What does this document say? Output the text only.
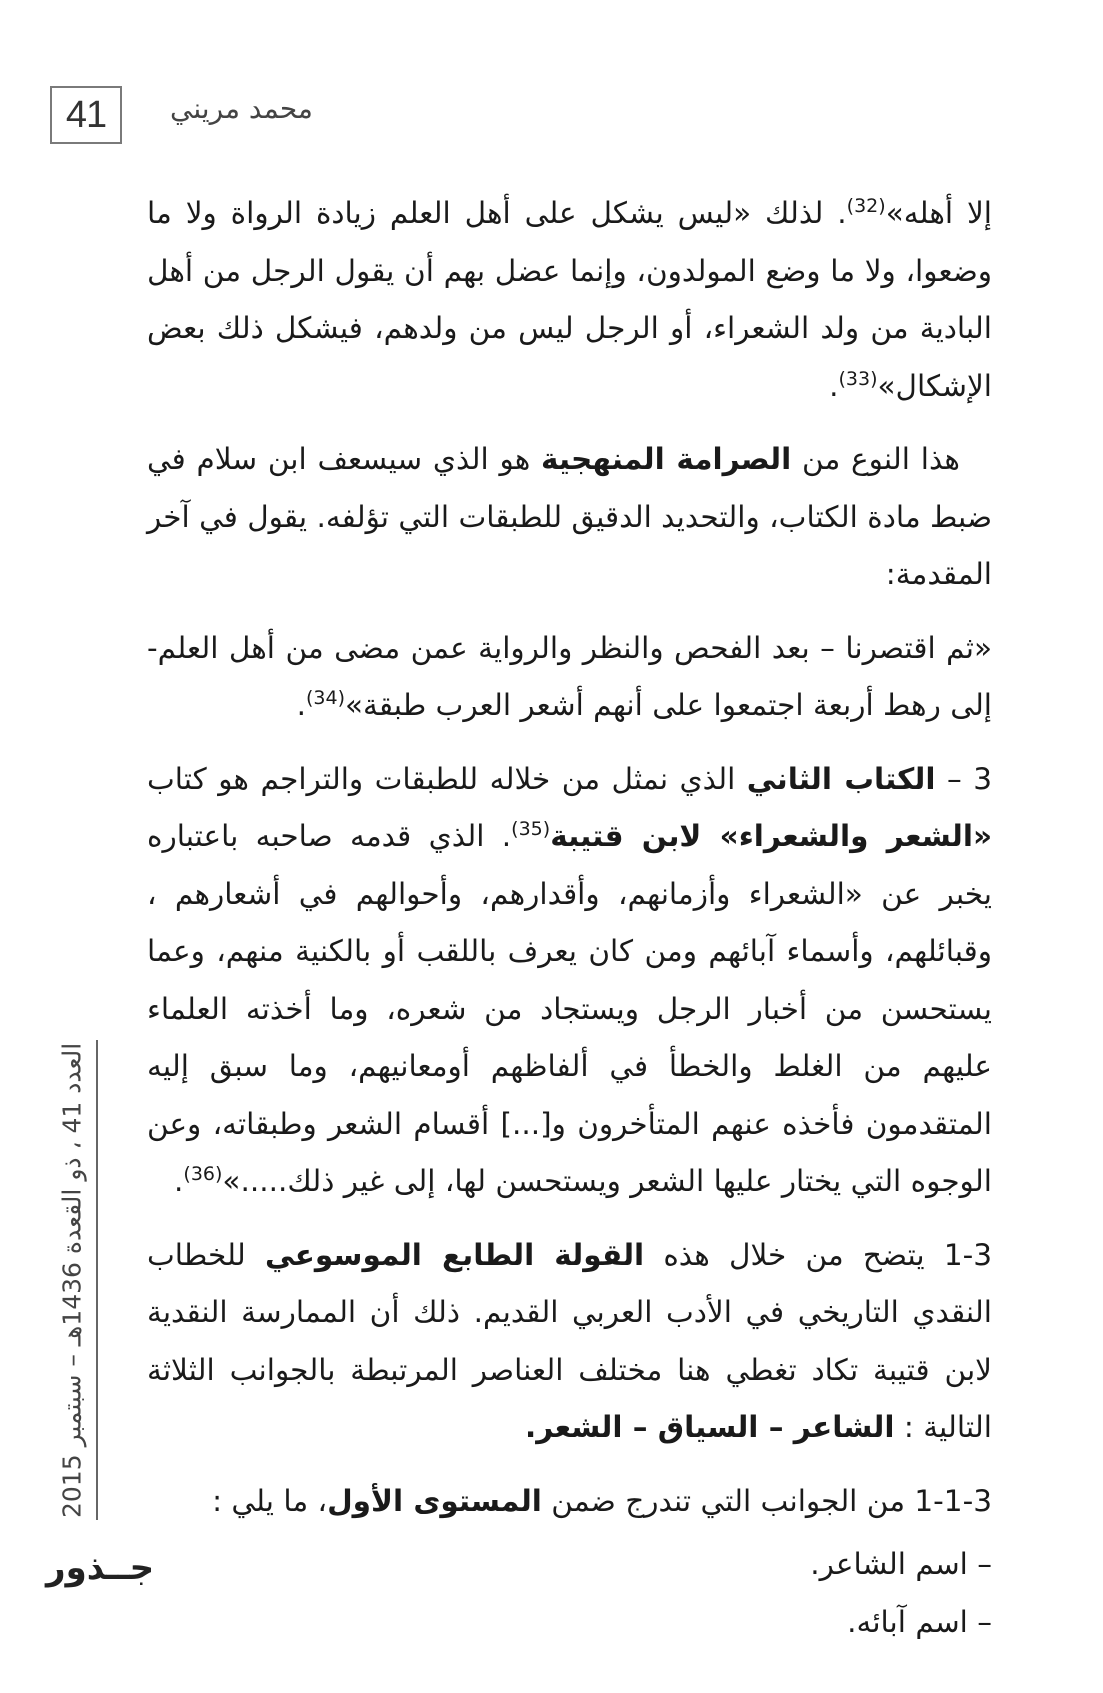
41	محمد مريني

إلا أهله»$^{(32)}$. لذلك «ليس يشكل على أهل العلم زيادة الرواة ولا ما وضعوا، ولا ما وضع المولدون، وإنما عضل بهم أن يقول الرجل من أهل البادية من ولد الشعراء، أو الرجل ليس من ولدهم، فيشكل ذلك بعض الإشكال»$^{(33)}$.

هذا النوع من الصرامة المنهجية هو الذي سيسعف ابن سلام في ضبط مادة الكتاب، والتحديد الدقيق للطبقات التي تؤلفه. يقول في آخر المقدمة:

«ثم اقتصرنا – بعد الفحص والنظر والرواية عمن مضى من أهل العلم- إلى رهط أربعة اجتمعوا على أنهم أشعر العرب طبقة»$^{(34)}$.

3 – الكتاب الثاني الذي نمثل من خلاله للطبقات والتراجم هو كتاب «الشعر والشعراء» لابن قتيبة$^{(35)}$. الذي قدمه صاحبه باعتباره يخبر عن «الشعراء وأزمانهم، وأقدارهم، وأحوالهم في أشعارهم ، وقبائلهم، وأسماء آبائهم ومن كان يعرف باللقب أو بالكنية منهم، وعما يستحسن من أخبار الرجل ويستجاد من شعره، وما أخذته العلماء عليهم من الغلط والخطأ في ألفاظهم أومعانيهم، وما سبق إليه المتقدمون فأخذه عنهم المتأخرون و[...] أقسام الشعر وطبقاته، وعن الوجوه التي يختار عليها الشعر ويستحسن لها، إلى غير ذلك.....»$^{(36)}$.

1-3 يتضح من خلال هذه القولة الطابع الموسوعي للخطاب النقدي التاريخي في الأدب العربي القديم. ذلك أن الممارسة النقدية لابن قتيبة تكاد تغطي هنا مختلف العناصر المرتبطة بالجوانب الثلاثة التالية : الشاعر – السياق – الشعر.

1-1-3 من الجوانب التي تندرج ضمن المستوى الأول، ما يلي :

– اسم الشاعر.

– اسم آبائه.

العدد 41 ، ذو القعدة 1436هـ – سبتمبر 2015
جــذور
